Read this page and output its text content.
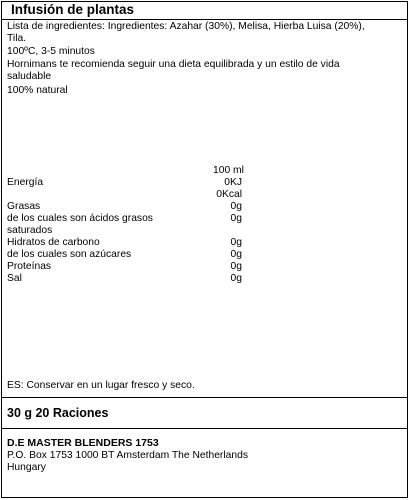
Infusión de plantas
Lista de ingredientes: Ingredientes: Azahar (30%), Melisa, Hierba Luisa (20%),
Tila.
100ºC, 3-5 minutos
Hornimans te recomienda seguir una dieta equilibrada y un estilo de vida
saludable
100% natural
100 ml
Energía	0KJ
0Kcal
Grasas	0g
de los cuales son ácidos grasos	0g
saturados
Hidratos de carbono	0g
de los cuales son azúcares	0g
Proteínas	0g
Sal	0g
ES: Conservar en un lugar fresco y seco.
30 g 20 Raciones
D.E MASTER BLENDERS 1753
P.O. Box 1753 1000 BT Amsterdam The Netherlands
Hungary
